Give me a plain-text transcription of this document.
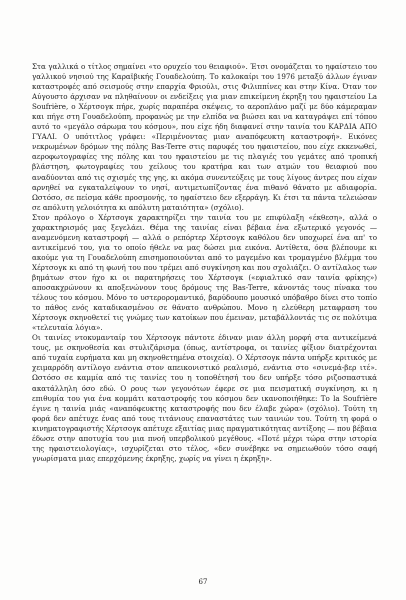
Στα γαλλικά ο τίτλος σημαίνει «το ορυχείο του θειαφιού». Έτσι ονομάζεται το ηφαίστειο του γαλλικού νησιού της Καραϊβικής Γουαδελούπη. Το καλοκαίρι του 1976 μεταξύ άλλων έγιναν καταστροφές από σεισμούς στην επαρχία Φριούλι, στις Φιλιππίνες και στην Κίνα. Όταν τον Αύγουστο άρχισαν να πληθαίνουν οι ενδείξεις για μιαν επικείμενη έκρηξη του ηφαιστείου La Soufrière, ο Χέρτσογκ πήρε, χωρίς παραπέρα σκέψεις, το αεροπλάνο μαζί με δύο κάμεραμαν και πήγε στη Γουαδελούπη, προφανώς με την ελπίδα να βιώσει και να καταγράψει επί τόπου αυτό το «μεγάλο σάρωμα του κόσμου», που είχε ήδη διαφανεί στην ταινία του ΚΑΡΔΙΑ ΑΠΟ ΓΥΑΛΙ. Ο υπότιτλος γράφει: «Περιμένοντας μιαν αναπόφευκτη καταστροφή». Εικόνες νεκρωμένων δρόμων της πόλης Bas-Terre στις παρυφές του ηφαιστείου, που είχε εκκενωθεί, αεροφωτογραφίες της πόλης και του ηφαιστείου με τις πλαγιές του γεμάτες από τροπική βλάστηση, φωτογραφίες του χείλους του κρατήρα και των ατμών του θειαφιού που αναδύονται από τις σχισμές της γης, κι ακόμα συνεντεύξεις με τους λίγους άντρες που είχαν αρνηθεί να εγκαταλείψουν το νησί, αντιμετωπίζοντας ένα πιθανό θάνατο με αδιαφορία. Ωστόσο, σε πείσμα κάθε προσμονής, το ηφαίστειο δεν εξερράγη. Κι έτσι τα πάντα τελειώσαν σε απόλυτη γελοιότητα κι απόλυτη ματαιότητα» (σχόλιο).

Στον πρόλογο ο Χέρτσογκ χαρακτηρίζει την ταινία του με επιφύλαξη «έκθεση», αλλά ο χαρακτηρισμός μας ξεγελάει. Θέμα της ταινίας είναι βέβαια ένα εξωτερικό γεγονός — αναμενόμενη καταστροφή — αλλά ο ρεπόρτερ Χέρτσογκ καθόλου δεν υποχωρεί ένα απ' το αντικείμενό του, για το οποίο ήθελε να μας δώσει μια εικόνα. Αντίθετα, όσα βλέπουμε κι ακούμε για τη Γουαδελούπη επισημοποιούνται από το μαγεμένο και τρομαγμένο βλέμμα του Χέρτσογκ κι από τη φωνή του που τρέμει από συγκίνηση και που σχολιάζει. Ο αντίλαλος των βημάτων στον ήχο κι οι παρατηρήσεις του Χέρτσογκ («εφιαλτικό σαν ταινία φρίκης») αποσακχρώνουν κι αποξενώνουν τους δρόμους της Bas-Terre, κάνοντάς τους πίνακα του τέλους του κόσμου. Μόνο το υστερορομαντικό, βαρύδουπο μουσικό υπόβαθρο δίνει στο τοπίο το πάθος ενός καταδικασμένου σε θάνατο ανθρώπου. Μονο η ελεύθερη μεταφραση του Χέρτσογκ σκηνοθετεί τις γνώμες των κατοίκων που έμειναν, μεταβάλλοντάς τις σε πολύτιμα «τελευταία λόγια».

Οι ταινίες ντοκυμανταίρ του Χέρτσογκ πάντοτε έδιναν μιαν άλλη μορφή στα αντικείμενά τους, με σκηνοθεσία και στυλιζάρισμα (όπως, αντίστροφα, οι ταινίες φίξιον διατρέχονται από τυχαία ευρήματα και μη σκηνοθετημένα στοιχεία). Ο Χέρτσογκ πάντα υπήρξε κριτικός με χειμαρρόδη αντίλογο ενάντια στον απεικονιστικό ρεαλισμό, ενάντια στο «σινεμά-βερ ιτέ». Ωστόσο σε καμμία από τις ταινίες του η τοποθέτησή του δεν υπήρξε τόσο ριζοσπαστικά ακατάλληλη όσο εδώ. Ο ρους των γεγονότων έφερε σε μια πεισματική συγκίνηση, κι η επιθυμία του για ένα κομμάτι καταστροφής του κόσμου δεν ικανοποιήθηκε: Το la Soufrière έγινε η ταινία μιάς «αναπόφευκτης καταστροφής που δεν έλαβε χώρα» (σχόλιο). Τούτη τη φορά δεν απέτυχε ένας από τους τιτάνιους επαναστάτες των ταινιών του. Τούτη τη φορά ο κινηματογραφιστής Χέρτσογκ απέτυχε εξαιτίας μιας πραγματικότητας αντίξοης — που βέβαια έδωσε στην αποτυχία του μια πνοή υπερβολικού μεγέθους. «Ποτέ μέχρι τώρα στην ιστορία της ηφαιστειολογίας», ισχυρίζεται στο τέλος, «δεν συνέβηκε να σημειωθούν τόσο σαφή γνωρίσματα μιας επερχόμενης έκρηξης, χωρίς να γίνει η έκρηξη».

67
